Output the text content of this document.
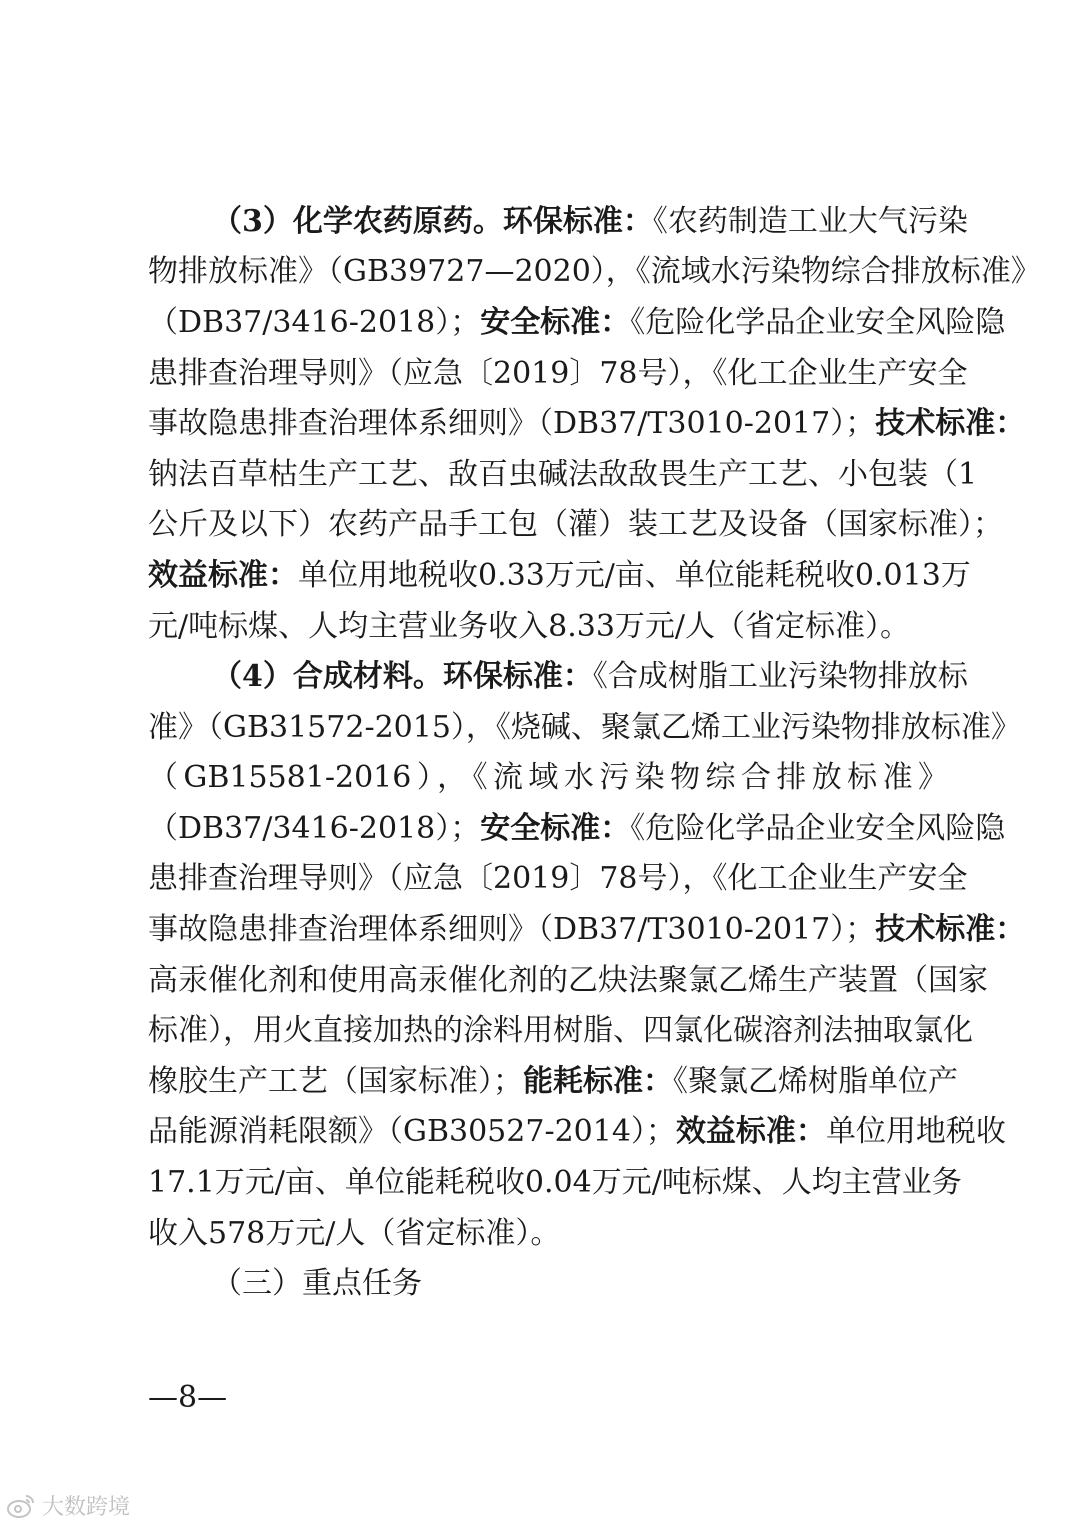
（3）化学农药原药。环保标准：《农药制造工业大气污染
物排放标准》（GB39727—2020），《流域水污染物综合排放标准》
（DB37/3416-2018）；安全标准：《危险化学品企业安全风险隐
患排查治理导则》（应急〔2019〕78号），《化工企业生产安全
事故隐患排查治理体系细则》（DB37/T3010-2017）；技术标准：
钠法百草枯生产工艺、敌百虫碱法敌敌畏生产工艺、小包装（1
公斤及以下）农药产品手工包（灌）装工艺及设备（国家标准）；
效益标准：单位用地税收0.33万元/亩、单位能耗税收0.013万
元/吨标煤、人均主营业务收入8.33万元/人（省定标准）。
（4）合成材料。环保标准：《合成树脂工业污染物排放标
准》（GB31572-2015），《烧碱、聚氯乙烯工业污染物排放标准》
（GB15581-2016），《流域水污染物综合排放标准》
（DB37/3416-2018）；安全标准：《危险化学品企业安全风险隐
患排查治理导则》（应急〔2019〕78号），《化工企业生产安全
事故隐患排查治理体系细则》（DB37/T3010-2017）；技术标准：
高汞催化剂和使用高汞催化剂的乙炔法聚氯乙烯生产装置（国家
标准），用火直接加热的涂料用树脂、四氯化碳溶剂法抽取氯化
橡胶生产工艺（国家标准）；能耗标准：《聚氯乙烯树脂单位产
品能源消耗限额》（GB30527-2014）；效益标准：单位用地税收
17.1万元/亩、单位能耗税收0.04万元/吨标煤、人均主营业务
收入578万元/人（省定标准）。
（三）重点任务
—8—
大数跨境
